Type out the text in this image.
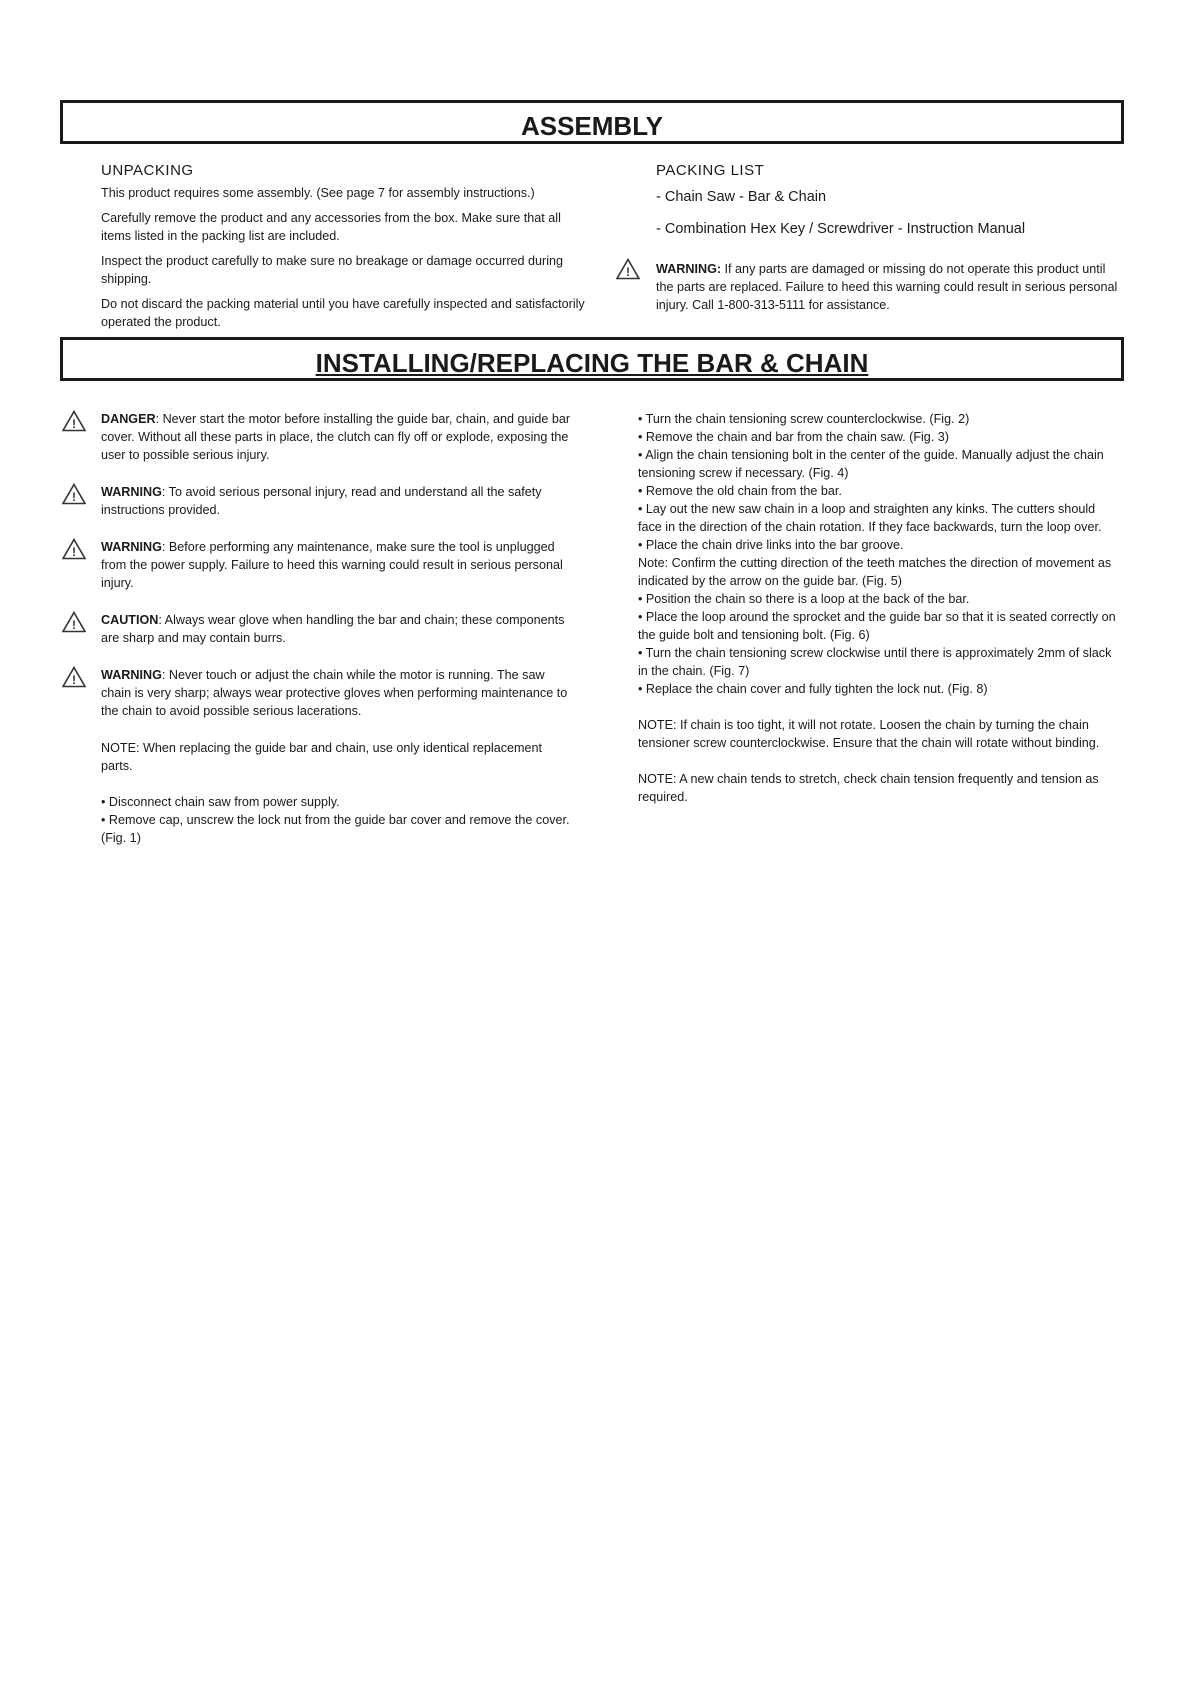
ASSEMBLY
UNPACKING

This product requires some assembly. (See page 7 for assembly instructions.)

Carefully remove the product and any accessories from the box. Make sure that all items listed in the packing list are included.

Inspect the product carefully to make sure no breakage or damage occurred during shipping.

Do not discard the packing material until you have carefully inspected and satisfactorily operated the product.

PACKING LIST
- Chain Saw - Bar & Chain
- Combination Hex Key / Screwdriver - Instruction Manual
! WARNING: If any parts are damaged or missing do not operate this product until the parts are replaced. Failure to heed this warning could result in serious personal injury. Call 1-800-313-5111 for assistance.
INSTALLING/REPLACING THE BAR & CHAIN
! DANGER: Never start the motor before installing the guide bar, chain, and guide bar cover. Without all these parts in place, the clutch can fly off or explode, exposing the user to possible serious injury.
! WARNING: To avoid serious personal injury, read and understand all the safety instructions provided.
! WARNING: Before performing any maintenance, make sure the tool is unplugged from the power supply. Failure to heed this warning could result in serious personal injury.
! CAUTION: Always wear glove when handling the bar and chain; these components are sharp and may contain burrs.
! WARNING: Never touch or adjust the chain while the motor is running. The saw chain is very sharp; always wear protective gloves when performing maintenance to the chain to avoid possible serious lacerations.
NOTE: When replacing the guide bar and chain, use only identical replacement parts.
• Disconnect chain saw from power supply.
• Remove cap, unscrew the lock nut from the guide bar cover and remove the cover. (Fig. 1)
• Turn the chain tensioning screw counterclockwise. (Fig. 2)
• Remove the chain and bar from the chain saw. (Fig. 3)
• Align the chain tensioning bolt in the center of the guide. Manually adjust the chain tensioning screw if necessary. (Fig. 4)
• Remove the old chain from the bar.
• Lay out the new saw chain in a loop and straighten any kinks. The cutters should face in the direction of the chain rotation. If they face backwards, turn the loop over.
• Place the chain drive links into the bar groove.
Note: Confirm the cutting direction of the teeth matches the direction of movement as indicated by the arrow on the guide bar. (Fig. 5)
• Position the chain so there is a loop at the back of the bar.
• Place the loop around the sprocket and the guide bar so that it is seated correctly on the guide bolt and tensioning bolt. (Fig. 6)
• Turn the chain tensioning screw clockwise until there is approximately 2mm of slack in the chain. (Fig. 7)
• Replace the chain cover and fully tighten the lock nut. (Fig. 8)
NOTE: If chain is too tight, it will not rotate. Loosen the chain by turning the chain tensioner screw counterclockwise. Ensure that the chain will rotate without binding.
NOTE: A new chain tends to stretch, check chain tension frequently and tension as required.
